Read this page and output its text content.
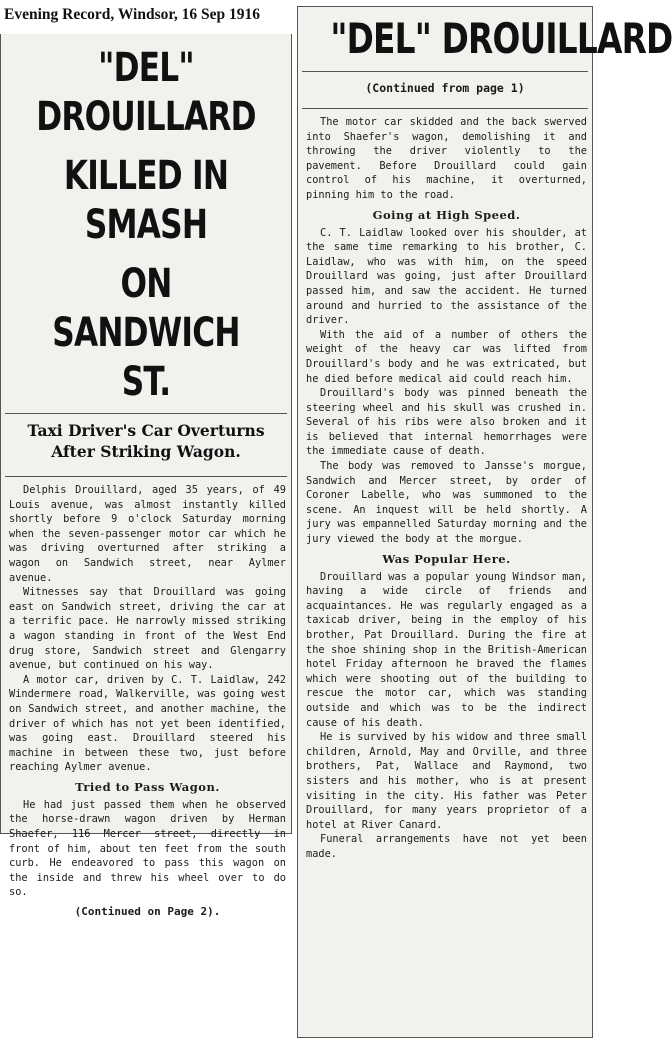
Evening Record, Windsor, 16 Sep 1916
"DEL" DROUILLARD
KILLED IN SMASH
ON SANDWICH ST.
Taxi Driver's Car Overturns
After Striking Wagon.

Delphis Drouillard, aged 35 years, of 49 Louis avenue, was almost instantly killed shortly before 9 o'clock Saturday morning when the seven-passenger motor car which he was driving overturned after striking a wagon on Sandwich street, near Aylmer avenue.

Witnesses say that Drouillard was going east on Sandwich street, driving the car at a terrific pace. He narrowly missed striking a wagon standing in front of the West End drug store, Sandwich street and Glengarry avenue, but continued on his way.

A motor car, driven by C. T. Laidlaw, 242 Windermere road, Walkerville, was going west on Sandwich street, and another machine, the driver of which has not yet been identified, was going east. Drouillard steered his machine in between these two, just before reaching Aylmer avenue.

Tried to Pass Wagon.

He had just passed them when he observed the horse-drawn wagon driven by Herman Shaefer, 116 Mercer street, directly in front of him, about ten feet from the south curb. He endeavored to pass this wagon on the inside and threw his wheel over to do so.

(Continued on Page 2).
"DEL" DROUILLARD
(Continued from page 1)

The motor car skidded and the back swerved into Shaefer's wagon, demolishing it and throwing the driver violently to the pavement. Before Drouillard could gain control of his machine, it overturned, pinning him to the road.

Going at High Speed.

C. T. Laidlaw looked over his shoulder, at the same time remarking to his brother, C. Laidlaw, who was with him, on the speed Drouillard was going, just after Drouillard passed him, and saw the accident. He turned around and hurried to the assistance of the driver.

With the aid of a number of others the weight of the heavy car was lifted from Drouillard's body and he was extricated, but he died before medical aid could reach him.

Drouillard's body was pinned beneath the steering wheel and his skull was crushed in. Several of his ribs were also broken and it is believed that internal hemorrhages were the immediate cause of death.

The body was removed to Jansse's morgue, Sandwich and Mercer street, by order of Coroner Labelle, who was summoned to the scene. An inquest will be held shortly. A jury was empannelled Saturday morning and the jury viewed the body at the morgue.

Was Popular Here.

Drouillard was a popular young Windsor man, having a wide circle of friends and acquaintances. He was regularly engaged as a taxicab driver, being in the employ of his brother, Pat Drouillard. During the fire at the shoe shining shop in the British-American hotel Friday afternoon he braved the flames which were shooting out of the building to rescue the motor car, which was standing outside and which was to be the indirect cause of his death.

He is survived by his widow and three small children, Arnold, May and Orville, and three brothers, Pat, Wallace and Raymond, two sisters and his mother, who is at present visiting in the city. His father was Peter Drouillard, for many years proprietor of a hotel at River Canard.

Funeral arrangements have not yet been made.
